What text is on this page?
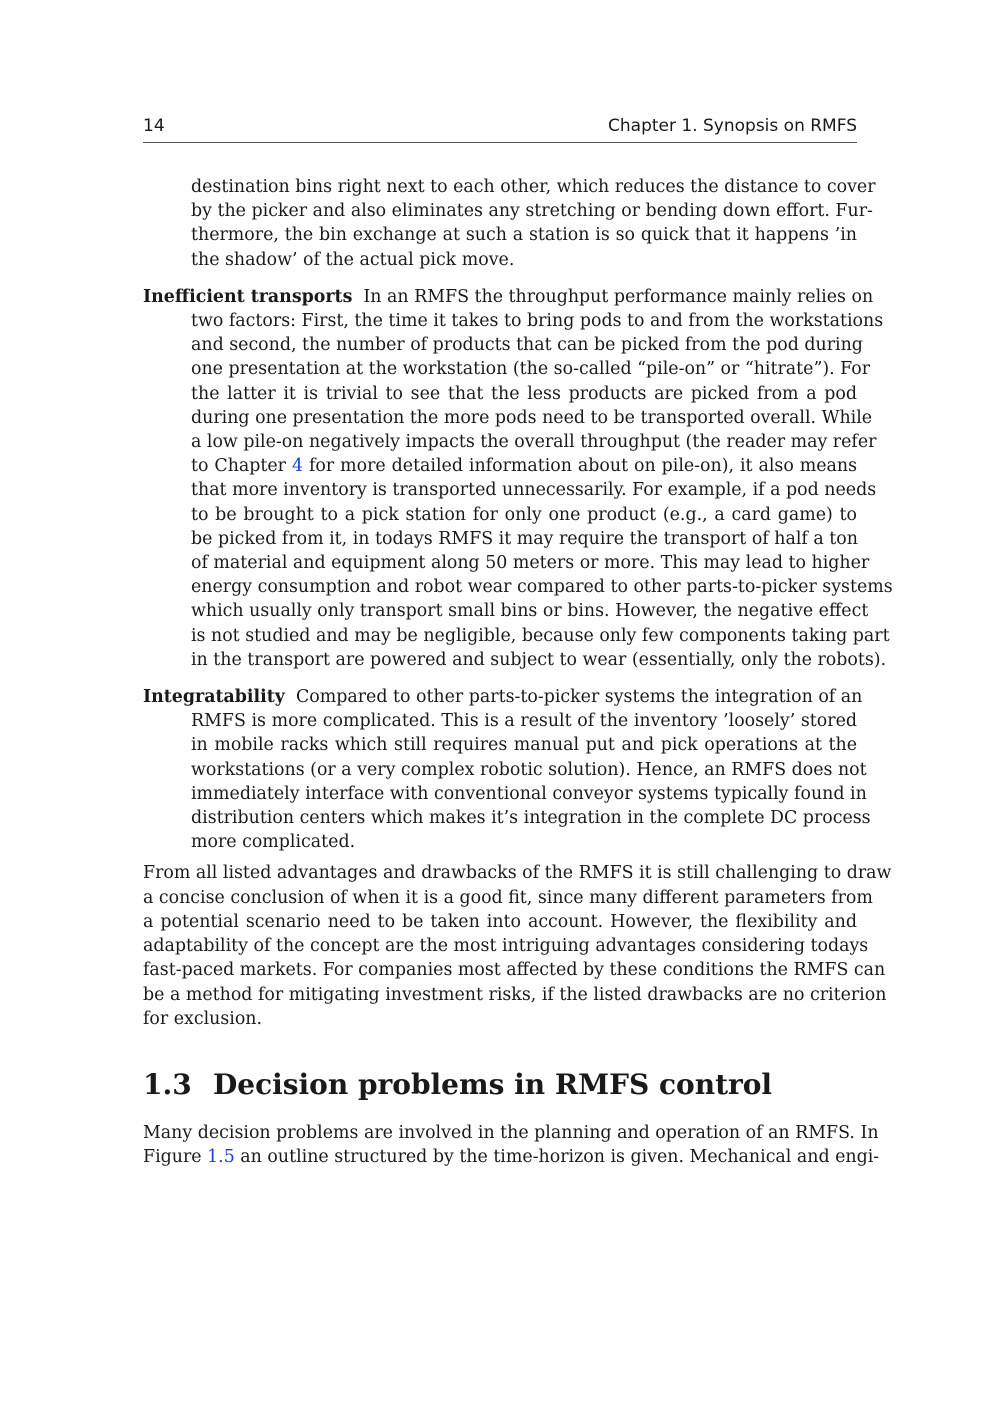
14	Chapter 1. Synopsis on RMFS
destination bins right next to each other, which reduces the distance to cover
by the picker and also eliminates any stretching or bending down effort. Fur-
thermore, the bin exchange at such a station is so quick that it happens ’in
the shadow’ of the actual pick move.
Inefficient transports In an RMFS the throughput performance mainly relies on
two factors: First, the time it takes to bring pods to and from the workstations
and second, the number of products that can be picked from the pod during
one presentation at the workstation (the so-called “pile-on” or “hitrate”). For
the latter it is trivial to see that the less products are picked from a pod
during one presentation the more pods need to be transported overall. While
a low pile-on negatively impacts the overall throughput (the reader may refer
to Chapter 4 for more detailed information about on pile-on), it also means
that more inventory is transported unnecessarily. For example, if a pod needs
to be brought to a pick station for only one product (e.g., a card game) to
be picked from it, in todays RMFS it may require the transport of half a ton
of material and equipment along 50 meters or more. This may lead to higher
energy consumption and robot wear compared to other parts-to-picker systems
which usually only transport small bins or bins. However, the negative effect
is not studied and may be negligible, because only few components taking part
in the transport are powered and subject to wear (essentially, only the robots).
Integratability Compared to other parts-to-picker systems the integration of an
RMFS is more complicated. This is a result of the inventory ’loosely’ stored
in mobile racks which still requires manual put and pick operations at the
workstations (or a very complex robotic solution). Hence, an RMFS does not
immediately interface with conventional conveyor systems typically found in
distribution centers which makes it’s integration in the complete DC process
more complicated.
From all listed advantages and drawbacks of the RMFS it is still challenging to draw
a concise conclusion of when it is a good fit, since many different parameters from
a potential scenario need to be taken into account. However, the flexibility and
adaptability of the concept are the most intriguing advantages considering todays
fast-paced markets. For companies most affected by these conditions the RMFS can
be a method for mitigating investment risks, if the listed drawbacks are no criterion
for exclusion.
1.3 Decision problems in RMFS control
Many decision problems are involved in the planning and operation of an RMFS. In
Figure 1.5 an outline structured by the time-horizon is given. Mechanical and engi-
